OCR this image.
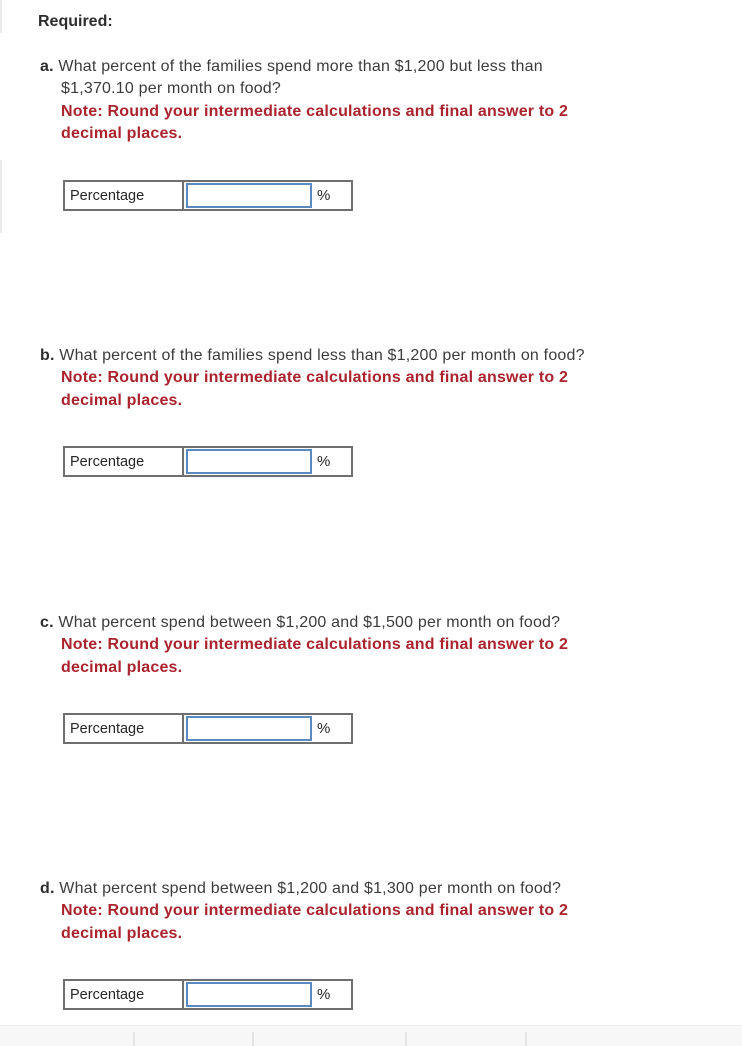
Required:
a. What percent of the families spend more than $1,200 but less than
$1,370.10 per month on food?
Note: Round your intermediate calculations and final answer to 2
decimal places.
Percentage	%
b. What percent of the families spend less than $1,200 per month on food?
Note: Round your intermediate calculations and final answer to 2
decimal places.
Percentage	%
c. What percent spend between $1,200 and $1,500 per month on food?
Note: Round your intermediate calculations and final answer to 2
decimal places.
Percentage	%
d. What percent spend between $1,200 and $1,300 per month on food?
Note: Round your intermediate calculations and final answer to 2
decimal places.
Percentage	%
